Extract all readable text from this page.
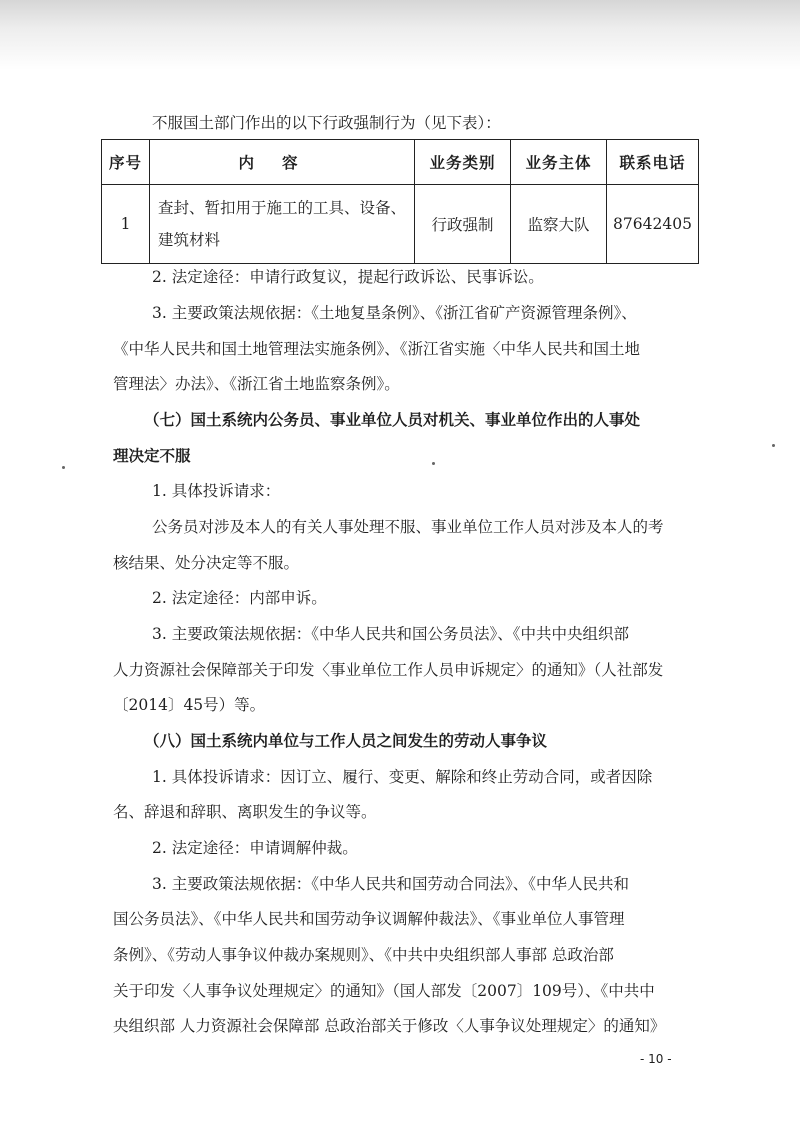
不服国土部门作出的以下行政强制行为（见下表）：
序号	内容	业务类别	业务主体	联系电话
1	查封、暂扣用于施工的工具、设备、建筑材料	行政强制	监察大队	87642405
2. 法定途径：申请行政复议，提起行政诉讼、民事诉讼。
3. 主要政策法规依据：《土地复垦条例》、《浙江省矿产资源管理条例》、
《中华人民共和国土地管理法实施条例》、《浙江省实施〈中华人民共和国土地
管理法〉办法》、《浙江省土地监察条例》。
（七）国土系统内公务员、事业单位人员对机关、事业单位作出的人事处
理决定不服
1. 具体投诉请求：
公务员对涉及本人的有关人事处理不服、事业单位工作人员对涉及本人的考
核结果、处分决定等不服。
2. 法定途径：内部申诉。
3. 主要政策法规依据：《中华人民共和国公务员法》、《中共中央组织部
人力资源社会保障部关于印发〈事业单位工作人员申诉规定〉的通知》（人社部发
〔2014〕45号）等。
（八）国土系统内单位与工作人员之间发生的劳动人事争议
1. 具体投诉请求：因订立、履行、变更、解除和终止劳动合同，或者因除
名、辞退和辞职、离职发生的争议等。
2. 法定途径：申请调解仲裁。
3. 主要政策法规依据：《中华人民共和国劳动合同法》、《中华人民共和
国公务员法》、《中华人民共和国劳动争议调解仲裁法》、《事业单位人事管理
条例》、《劳动人事争议仲裁办案规则》、《中共中央组织部人事部 总政治部
关于印发〈人事争议处理规定〉的通知》（国人部发〔2007〕109号）、《中共中
央组织部 人力资源社会保障部 总政治部关于修改〈人事争议处理规定〉的通知》
- 10 -
